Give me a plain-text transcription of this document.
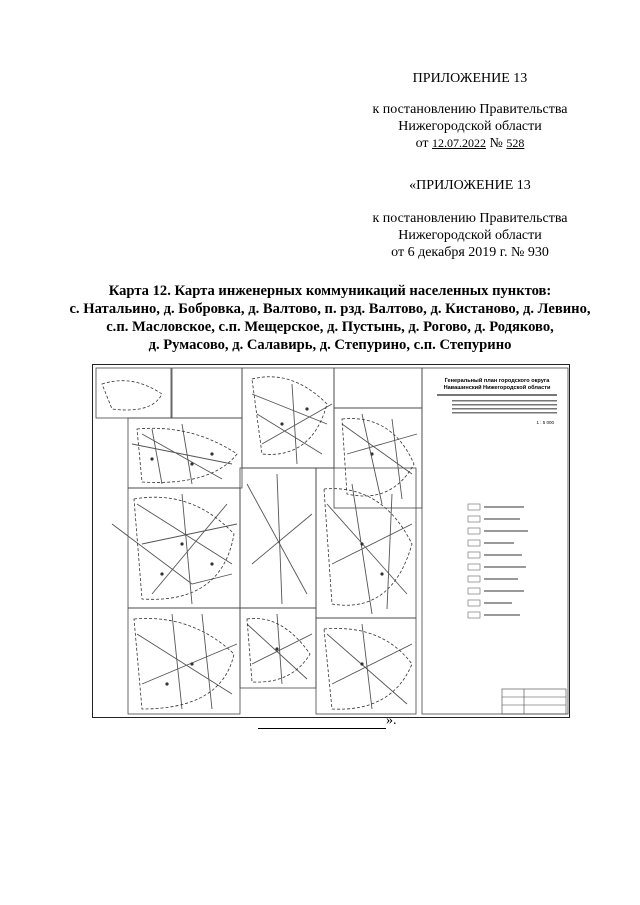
ПРИЛОЖЕНИЕ 13
к постановлению Правительства
Нижегородской области
от 12.07.2022 № 528
«ПРИЛОЖЕНИЕ 13
к постановлению Правительства
Нижегородской области
от 6 декабря 2019 г. № 930
Карта 12. Карта инженерных коммуникаций населенных пунктов:
с. Натальино, д. Бобровка, д. Валтово, п. рзд. Валтово, д. Кистаново, д. Левино,
с.п. Масловское, с.п. Мещерское, д. Пустынь, д. Рогово, д. Родяково,
д. Румасово, д. Салавирь, д. Степурино, с.п. Степурино
Генеральный план городского округа
Навашинский Нижегородской области
1 : 5 000
».
